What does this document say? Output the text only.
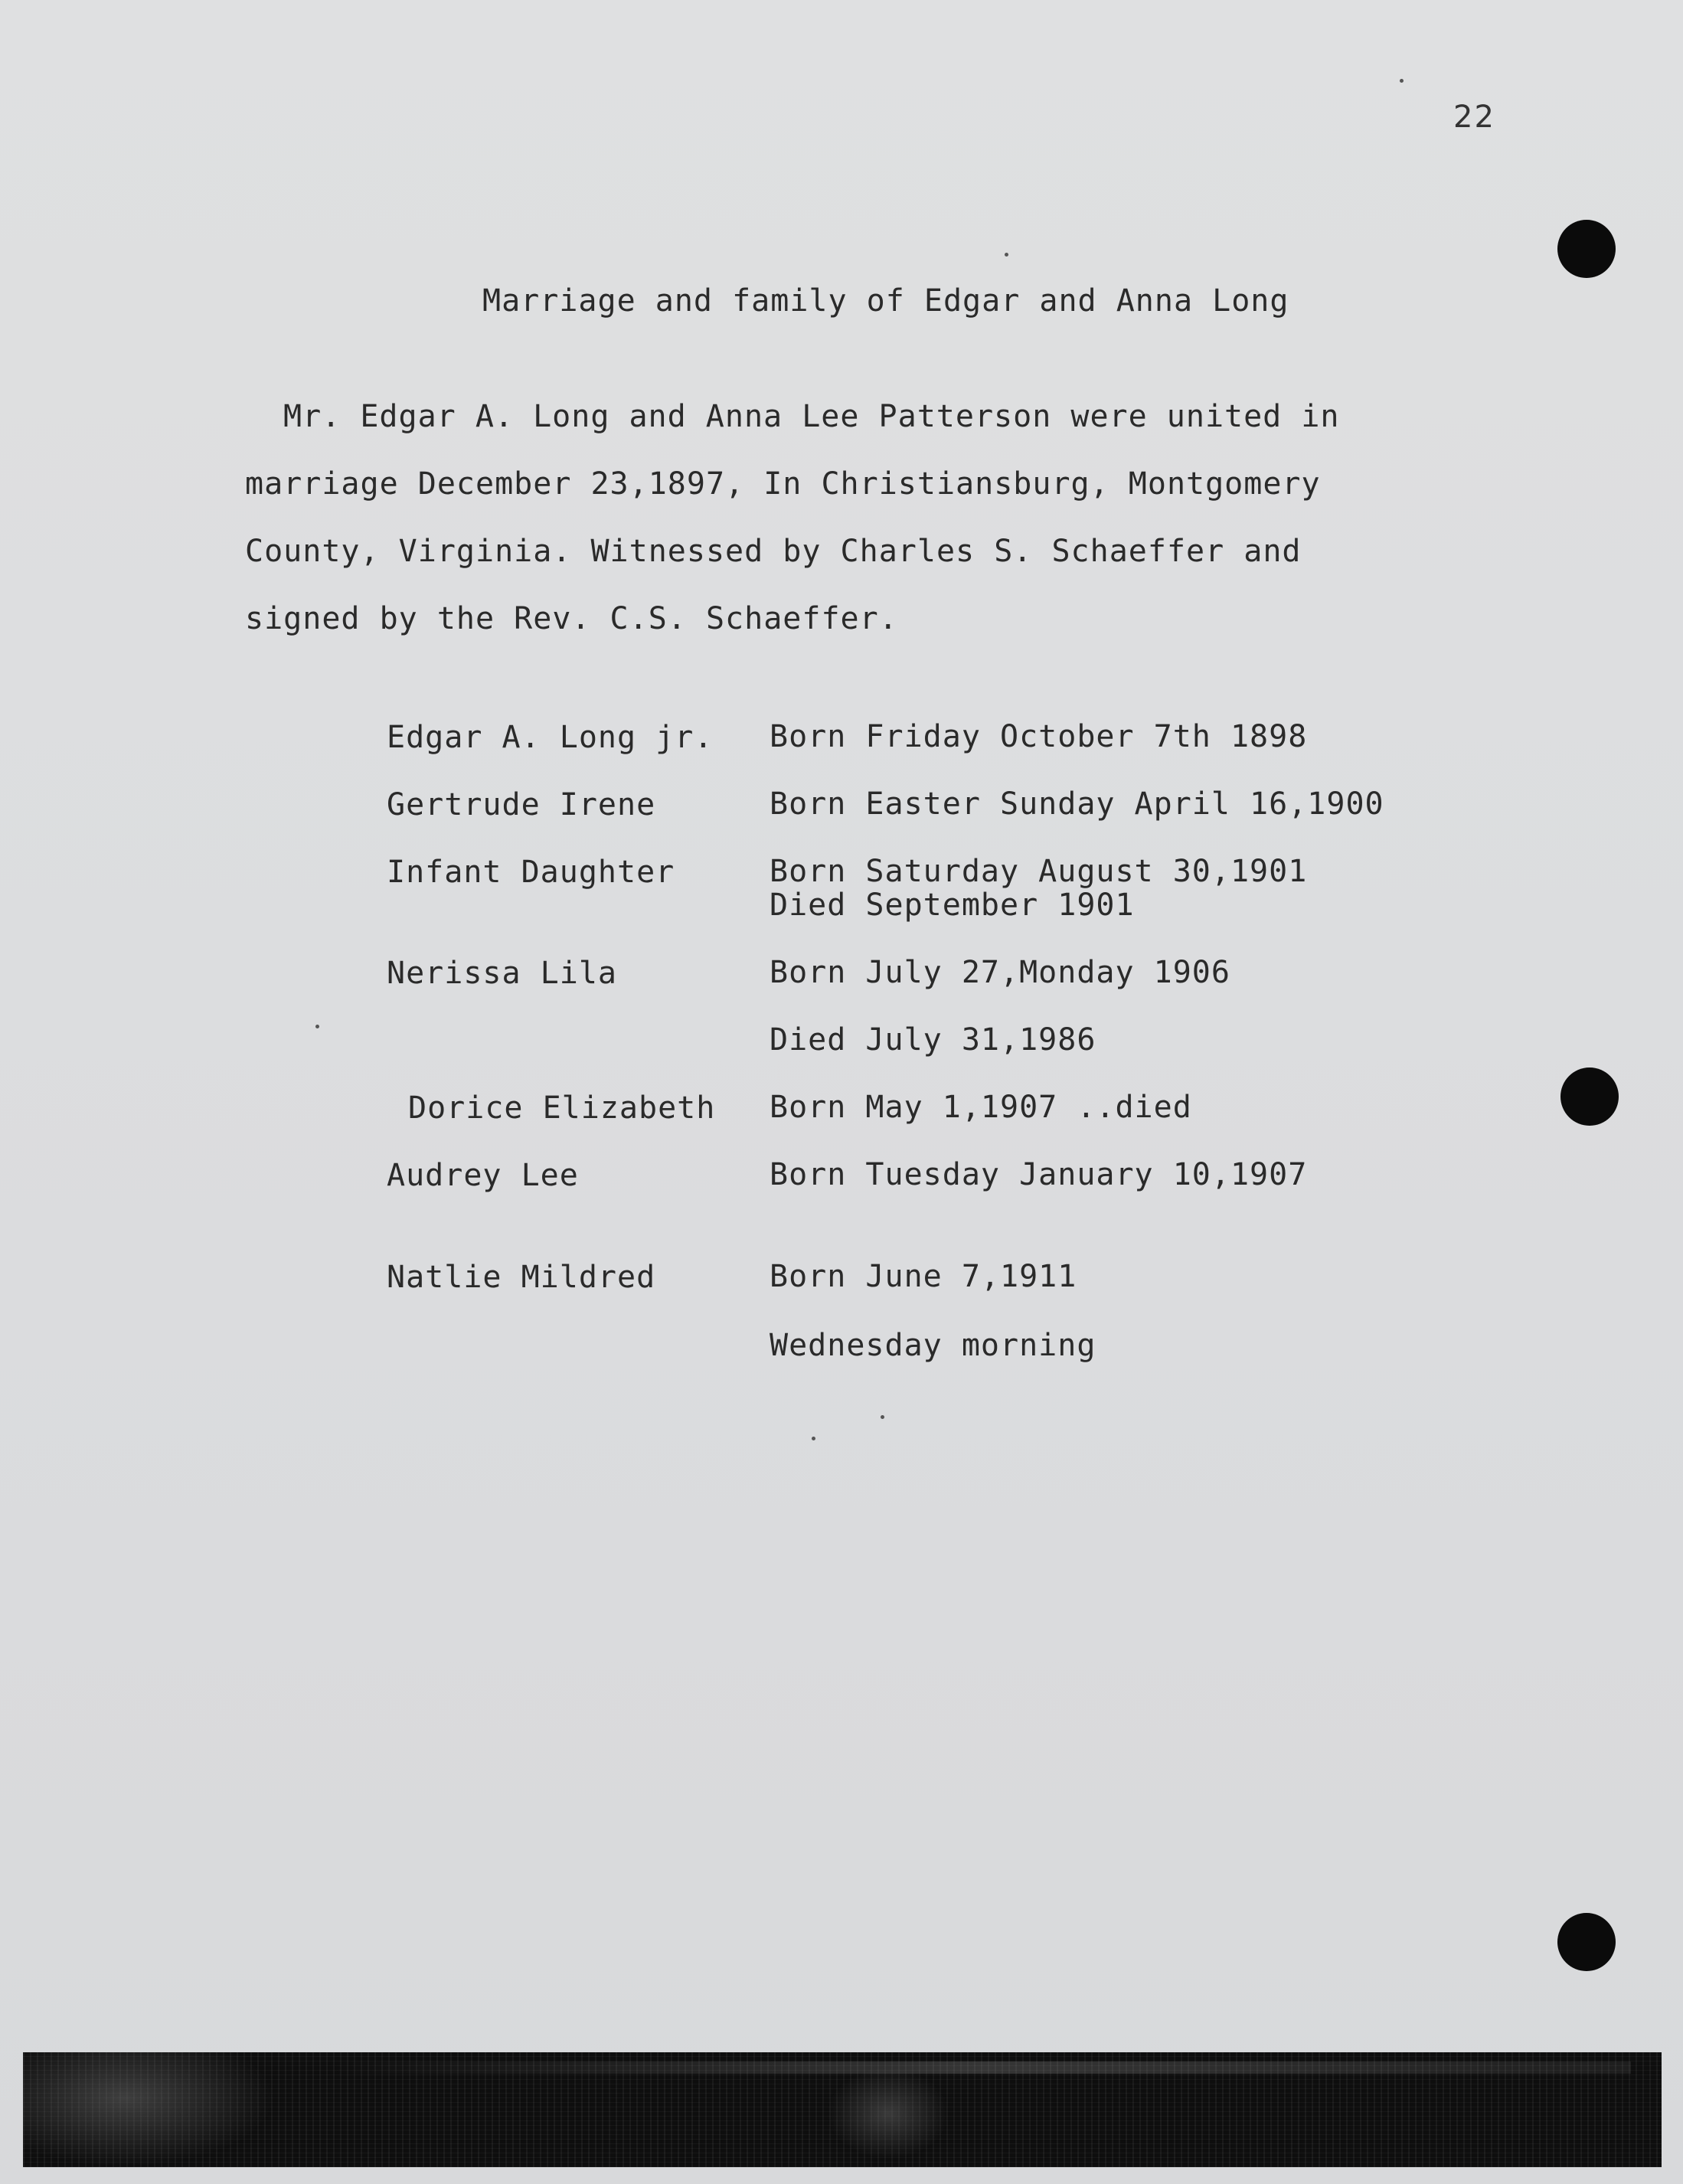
22
Marriage and family of Edgar and Anna Long
Mr. Edgar A. Long and Anna Lee Patterson were united in
marriage December 23,1897, In Christiansburg, Montgomery
County, Virginia. Witnessed by Charles S. Schaeffer and
signed by the Rev. C.S. Schaeffer.
Edgar A. Long jr. Born Friday October 7th 1898
Gertrude Irene	Born Easter Sunday April 16,1900
Infant Daughter	Born Saturday August 30,1901
Died September 1901
Nerissa Lila	Born July 27,Monday 1906
Died July 31,1986
Dorice Elizabeth Born May 1,1907 ..died
Audrey Lee	Born Tuesday January 10,1907
Natlie Mildred	Born June 7,1911
Wednesday morning
